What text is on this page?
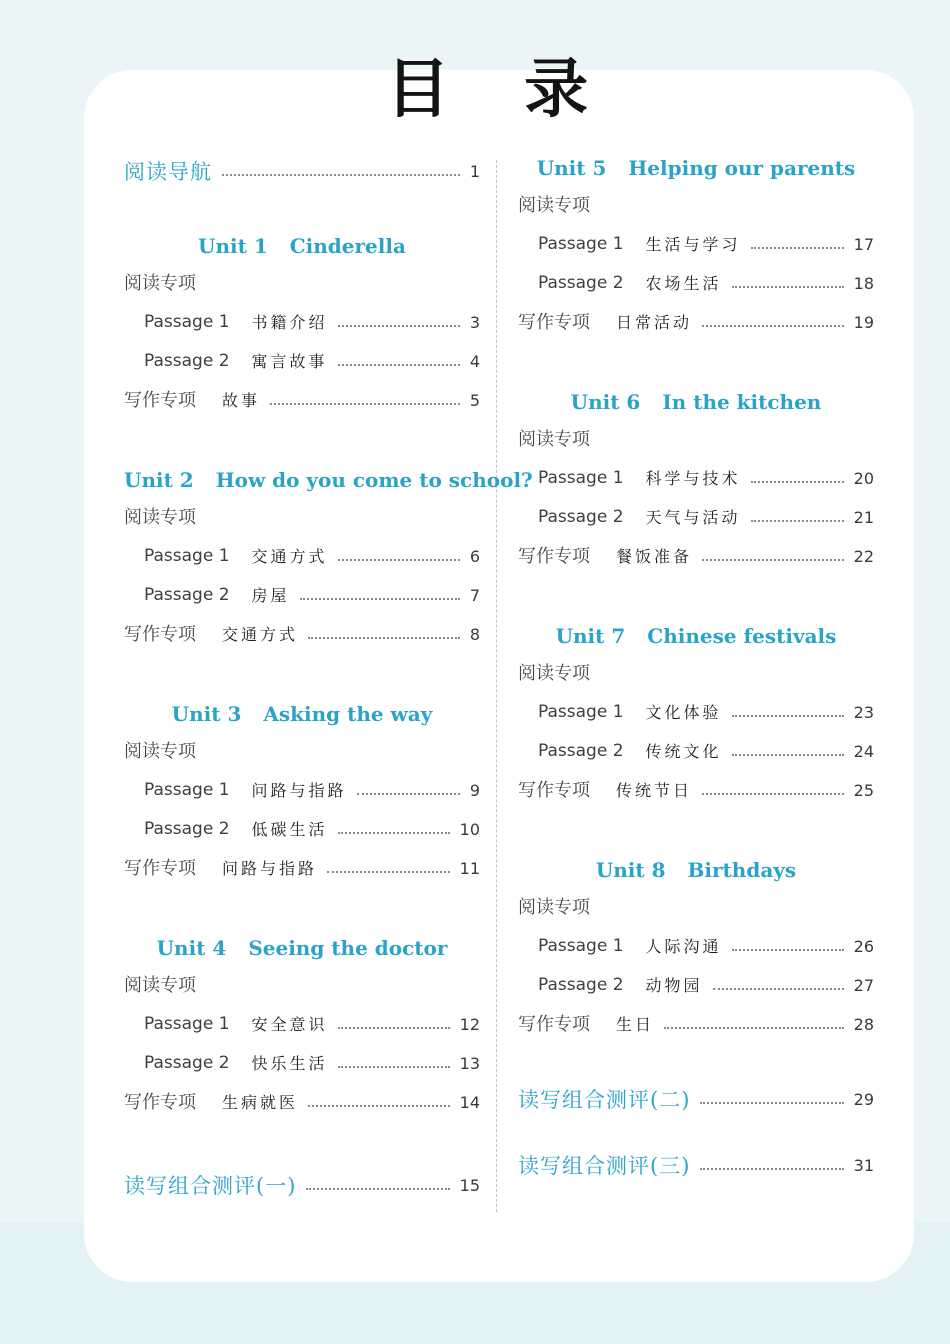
目 录
阅读导航	1
Unit 1 Cinderella
阅读专项
Passage 1 书籍介绍	3
Passage 2 寓言故事	4
写作专项 故事	5
Unit 2 How do you come to school?
阅读专项
Passage 1 交通方式	6
Passage 2 房屋	7
写作专项 交通方式	8
Unit 3 Asking the way
阅读专项
Passage 1 问路与指路	9
Passage 2 低碳生活	10
写作专项 问路与指路	11
Unit 4 Seeing the doctor
阅读专项
Passage 1 安全意识	12
Passage 2 快乐生活	13
写作专项 生病就医	14
读写组合测评(一)	15
Unit 5 Helping our parents
阅读专项
Passage 1 生活与学习	17
Passage 2 农场生活	18
写作专项 日常活动	19
Unit 6 In the kitchen
阅读专项
Passage 1 科学与技术	20
Passage 2 天气与活动	21
写作专项 餐饭准备	22
Unit 7 Chinese festivals
阅读专项
Passage 1 文化体验	23
Passage 2 传统文化	24
写作专项 传统节日	25
Unit 8 Birthdays
阅读专项
Passage 1 人际沟通	26
Passage 2 动物园	27
写作专项 生日	28
读写组合测评(二)	29
读写组合测评(三)	31
